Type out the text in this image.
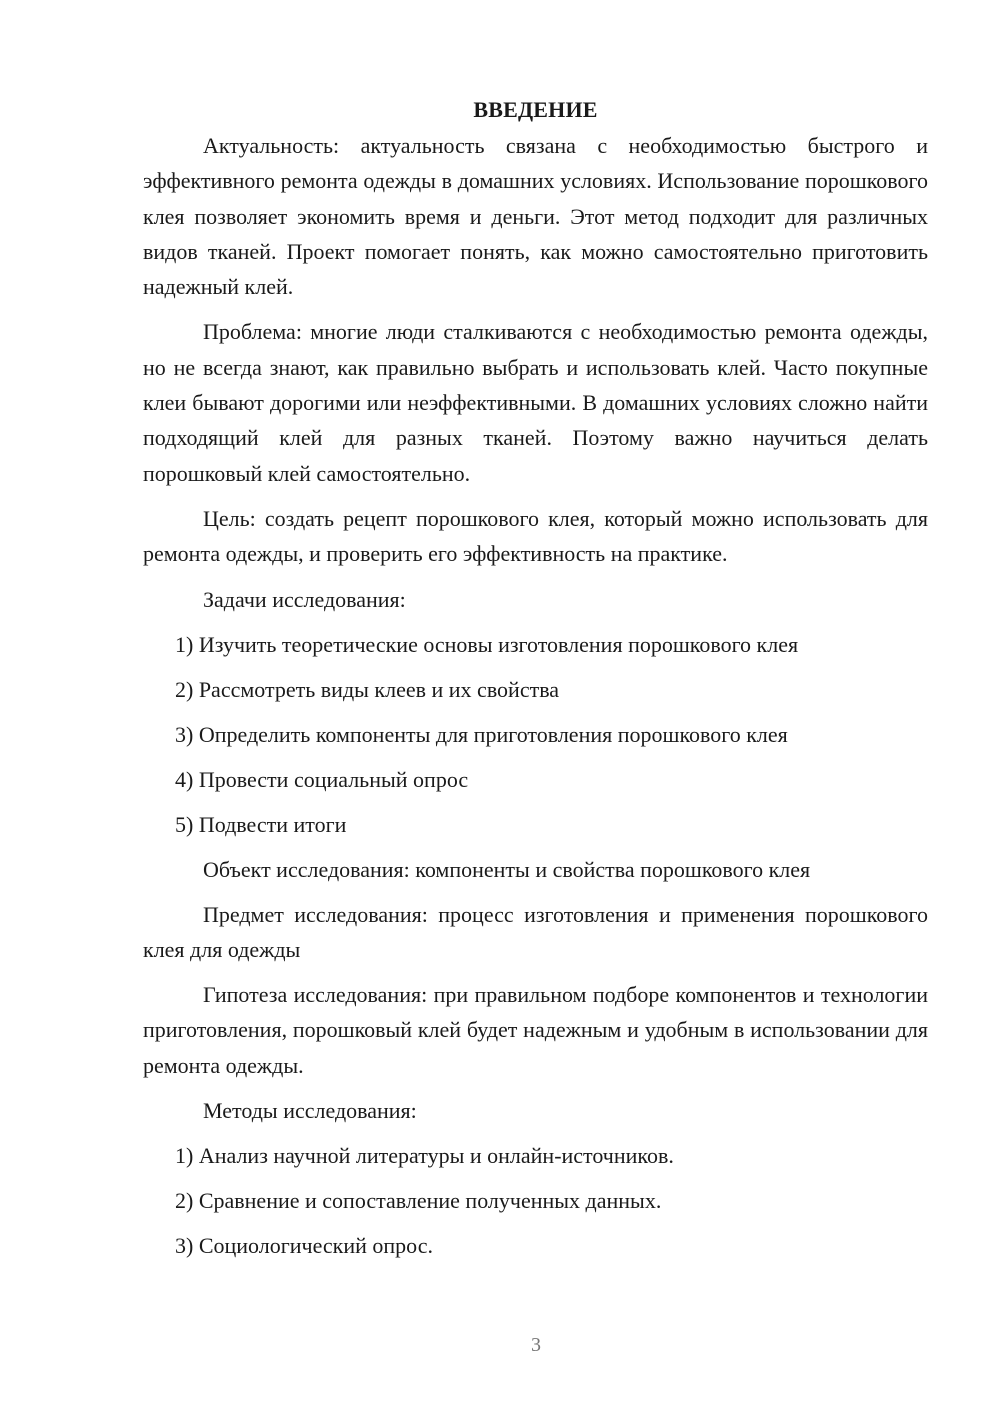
ВВЕДЕНИЕ

Актуальность: актуальность связана с необходимостью быстрого и эффективного ремонта одежды в домашних условиях. Использование порошкового клея позволяет экономить время и деньги. Этот метод подходит для различных видов тканей. Проект помогает понять, как можно самостоятельно приготовить надежный клей.

Проблема: многие люди сталкиваются с необходимостью ремонта одежды, но не всегда знают, как правильно выбрать и использовать клей. Часто покупные клеи бывают дорогими или неэффективными. В домашних условиях сложно найти подходящий клей для разных тканей. Поэтому важно научиться делать порошковый клей самостоятельно.

Цель: создать рецепт порошкового клея, который можно использовать для ремонта одежды, и проверить его эффективность на практике.

Задачи исследования:
1) Изучить теоретические основы изготовления порошкового клея
2) Рассмотреть виды клеев и их свойства
3) Определить компоненты для приготовления порошкового клея
4) Провести социальный опрос
5) Подвести итоги
Объект исследования: компоненты и свойства порошкового клея

Предмет исследования: процесс изготовления и применения порошкового клея для одежды

Гипотеза исследования: при правильном подборе компонентов и технологии приготовления, порошковый клей будет надежным и удобным в использовании для ремонта одежды.

Методы исследования:
1) Анализ научной литературы и онлайн-источников.
2) Сравнение и сопоставление полученных данных.
3) Социологический опрос.
3
